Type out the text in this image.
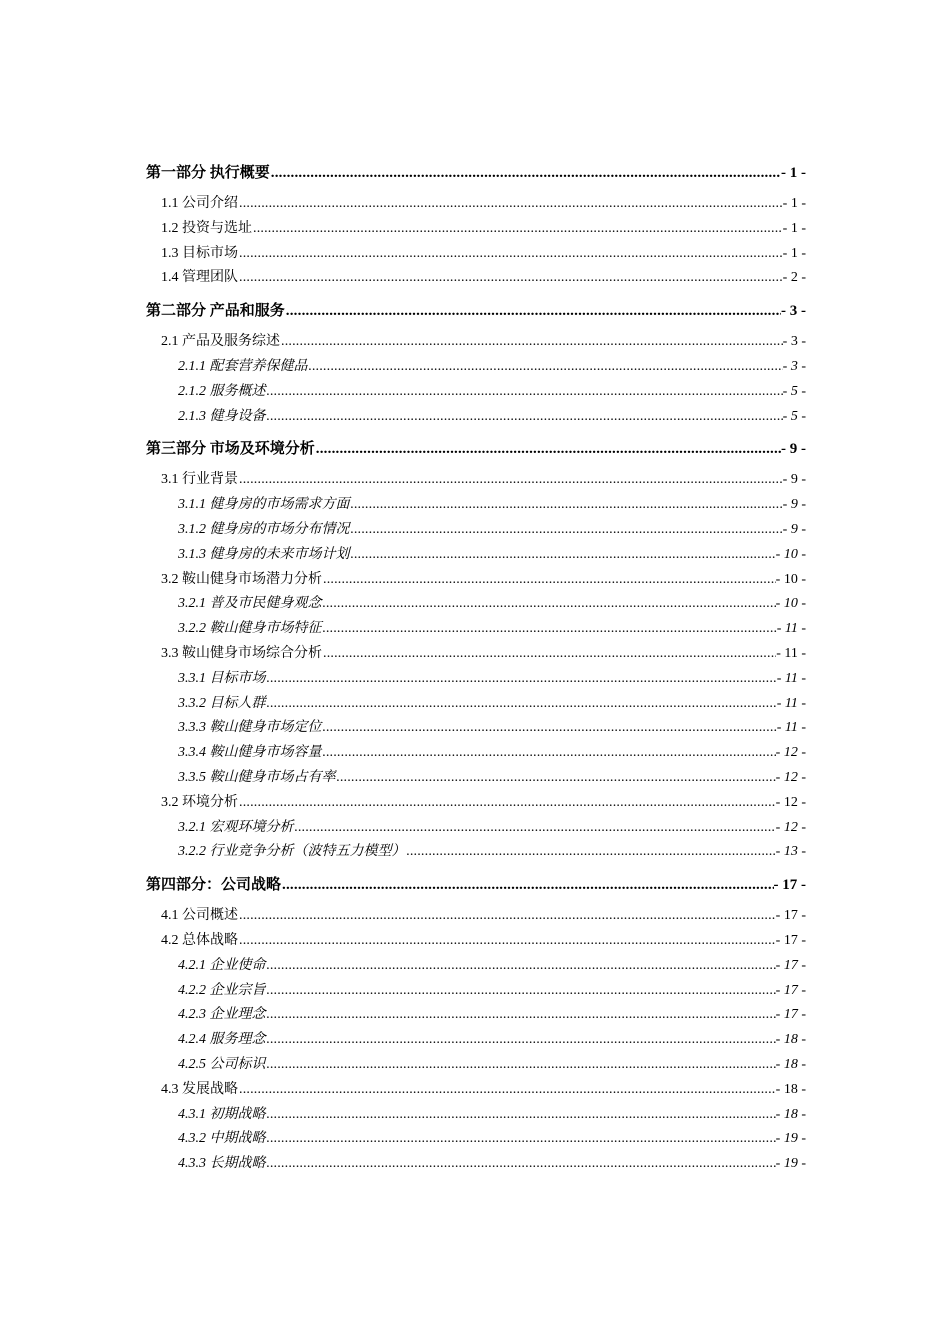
第一部分 执行概要 .....	- 1 -
1.1 公司介绍 .....	- 1 -
1.2 投资与选址 .....	- 1 -
1.3 目标市场 .....	- 1 -
1.4 管理团队 .....	- 2 -
第二部分 产品和服务 .....	- 3 -
2.1 产品及服务综述 .....	- 3 -
2.1.1 配套营养保健品 .....	- 3 -
2.1.2 服务概述 .....	- 5 -
2.1.3 健身设备 .....	- 5 -
第三部分 市场及环境分析 .....	- 9 -
3.1 行业背景 .....	- 9 -
3.1.1 健身房的市场需求方面 .....	- 9 -
3.1.2 健身房的市场分布情况 .....	- 9 -
3.1.3 健身房的未来市场计划 .....	- 10 -
3.2 鞍山健身市场潜力分析 .....	- 10 -
3.2.1 普及市民健身观念 .....	- 10 -
3.2.2 鞍山健身市场特征 .....	- 11 -
3.3 鞍山健身市场综合分析 .....	- 11 -
3.3.1 目标市场 .....	- 11 -
3.3.2 目标人群 .....	- 11 -
3.3.3 鞍山健身市场定位 .....	- 11 -
3.3.4 鞍山健身市场容量 .....	- 12 -
3.3.5 鞍山健身市场占有率 .....	- 12 -
3.2 环境分析 .....	- 12 -
3.2.1 宏观环境分析 .....	- 12 -
3.2.2 行业竞争分析（波特五力模型） .....	- 13 -
第四部分：公司战略 .....	- 17 -
4.1 公司概述 .....	- 17 -
4.2 总体战略 .....	- 17 -
4.2.1 企业使命 .....	- 17 -
4.2.2 企业宗旨 .....	- 17 -
4.2.3 企业理念 .....	- 17 -
4.2.4 服务理念 .....	- 18 -
4.2.5 公司标识 .....	- 18 -
4.3 发展战略 .....	- 18 -
4.3.1 初期战略 .....	- 18 -
4.3.2 中期战略 .....	- 19 -
4.3.3 长期战略 .....	- 19 -
